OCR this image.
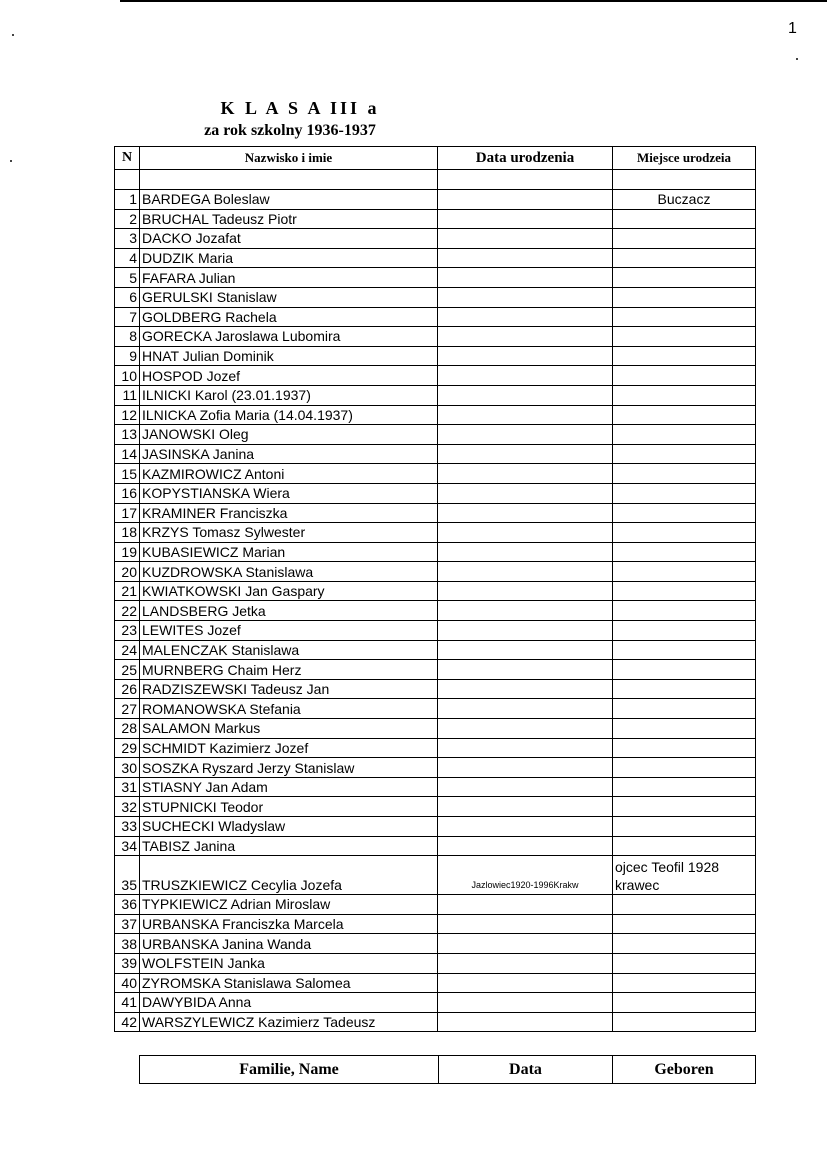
1
K L A S A III a
za rok szkolny 1936-1937
N	Nazwisko i imie	Data urodzenia	Miejsce urodzeia

1	BARDEGA Boleslaw		Buczacz
2	BRUCHAL Tadeusz Piotr		
3	DACKO Jozafat		
4	DUDZIK Maria		
5	FAFARA Julian		
6	GERULSKI Stanislaw		
7	GOLDBERG Rachela		
8	GORECKA Jaroslawa Lubomira		
9	HNAT Julian Dominik		
10	HOSPOD Jozef		
11	ILNICKI Karol (23.01.1937)		
12	ILNICKA Zofia Maria (14.04.1937)		
13	JANOWSKI Oleg		
14	JASINSKA Janina		
15	KAZMIROWICZ Antoni		
16	KOPYSTIANSKA Wiera		
17	KRAMINER Franciszka		
18	KRZYS Tomasz Sylwester		
19	KUBASIEWICZ Marian		
20	KUZDROWSKA Stanislawa		
21	KWIATKOWSKI Jan Gaspary		
22	LANDSBERG Jetka		
23	LEWITES Jozef		
24	MALENCZAK Stanislawa		
25	MURNBERG Chaim Herz		
26	RADZISZEWSKI Tadeusz Jan		
27	ROMANOWSKA Stefania		
28	SALAMON Markus		
29	SCHMIDT Kazimierz Jozef		
30	SOSZKA Ryszard Jerzy Stanislaw		
31	STIASNY Jan Adam		
32	STUPNICKI Teodor		
33	SUCHECKI Wladyslaw		
34	TABISZ Janina		
35	TRUSZKIEWICZ Cecylia Jozefa	Jazlowiec1920-1996Krakw	ojcec Teofil 1928 krawec
36	TYPKIEWICZ Adrian Miroslaw		
37	URBANSKA Franciszka Marcela		
38	URBANSKA Janina Wanda		
39	WOLFSTEIN Janka		
40	ZYROMSKA Stanislawa Salomea		
41	DAWYBIDA Anna		
42	WARSZYLEWICZ Kazimierz Tadeusz		
Familie, Name	Data	Geboren
